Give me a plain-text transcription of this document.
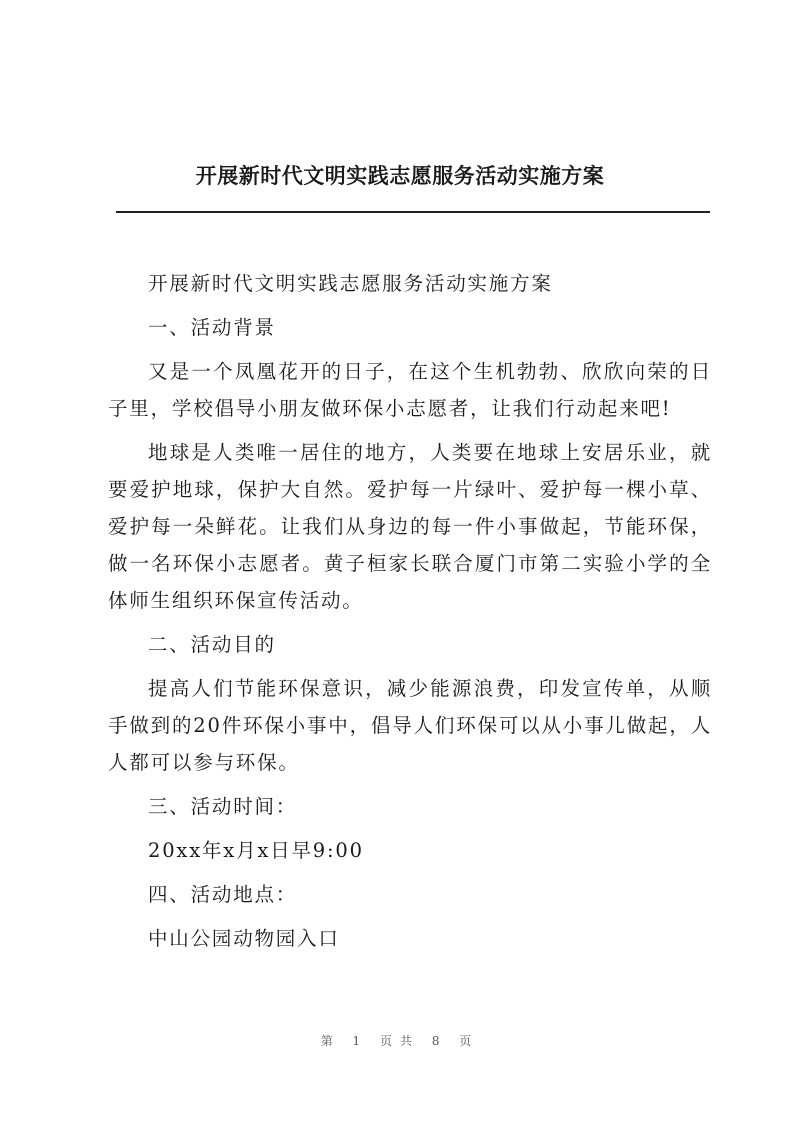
开展新时代文明实践志愿服务活动实施方案

开展新时代文明实践志愿服务活动实施方案

一、活动背景

又是一个凤凰花开的日子，在这个生机勃勃、欣欣向荣的日子里，学校倡导小朋友做环保小志愿者，让我们行动起来吧!

地球是人类唯一居住的地方，人类要在地球上安居乐业，就要爱护地球，保护大自然。爱护每一片绿叶、爱护每一棵小草、爱护每一朵鲜花。让我们从身边的每一件小事做起，节能环保，做一名环保小志愿者。黄子桓家长联合厦门市第二实验小学的全体师生组织环保宣传活动。

二、活动目的

提高人们节能环保意识，减少能源浪费，印发宣传单，从顺手做到的20件环保小事中，倡导人们环保可以从小事儿做起，人人都可以参与环保。

三、活动时间：

20xx年x月x日早9:00

四、活动地点：

中山公园动物园入口

第 1 页共 8 页
